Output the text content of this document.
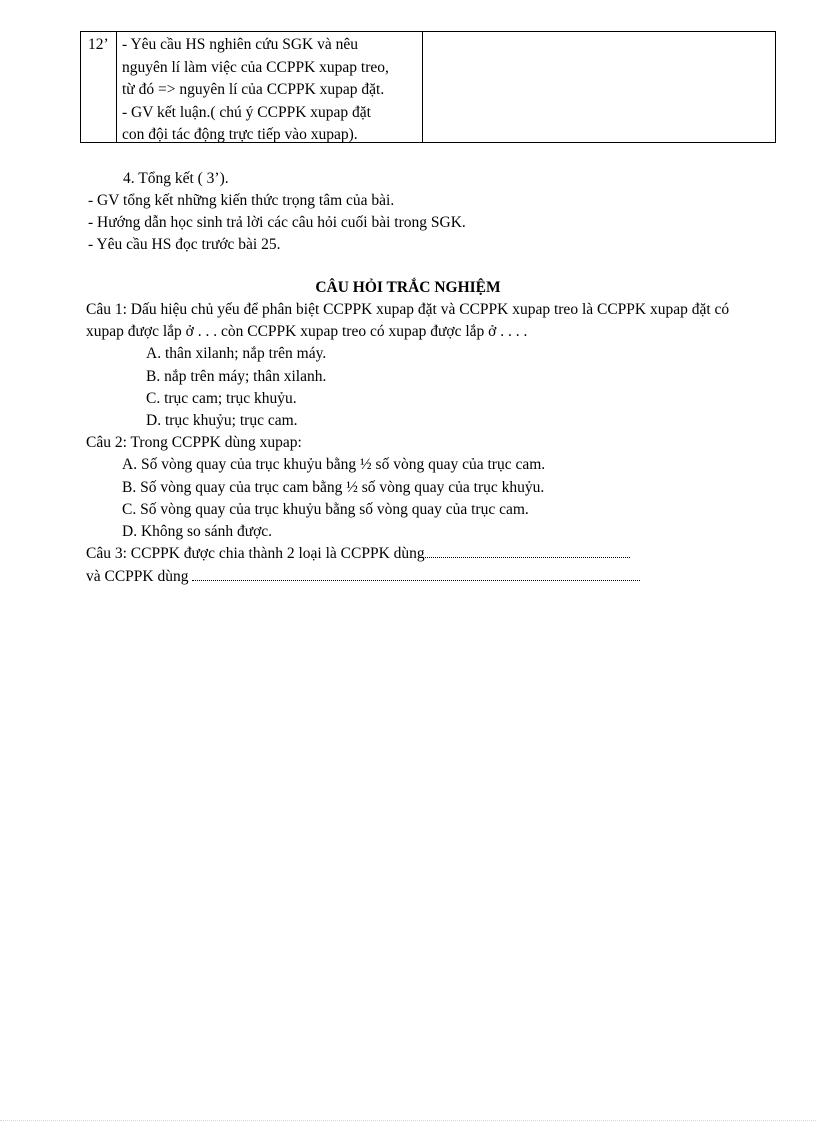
12’ - Yêu cầu HS nghiên cứu SGK và nêu
nguyên lí làm việc của CCPPK xupap treo,
từ đó => nguyên lí của CCPPK xupap đặt.
- GV kết luận.( chú ý CCPPK xupap đặt
con đội tác động trực tiếp vào xupap).
4. Tổng kết ( 3’).
- GV tổng kết những kiến thức trọng tâm của bài.
- Hướng dẫn học sinh trả lời các câu hỏi cuối bài trong SGK.
- Yêu cầu HS đọc trước bài 25.
CÂU HỎI TRẮC NGHIỆM
Câu 1: Dấu hiệu chủ yếu để phân biệt CCPPK xupap đặt và CCPPK xupap treo là CCPPK xupap đặt có
xupap được lắp ở . . . còn CCPPK xupap treo có xupap được lắp ở . . . .
A. thân xilanh; nắp trên máy.
B. nắp trên máy; thân xilanh.
C. trục cam; trục khuỷu.
D. trục khuỷu; trục cam.
Câu 2: Trong CCPPK dùng xupap:
A. Số vòng quay của trục khuỷu bằng ½ số vòng quay của trục cam.
B. Số vòng quay của trục cam bằng ½ số vòng quay của trục khuỷu.
C. Số vòng quay của trục khuỷu bằng số vòng quay của trục cam.
D. Không so sánh được.
Câu 3: CCPPK được chia thành 2 loại là CCPPK dùng
và CCPPK dùng
